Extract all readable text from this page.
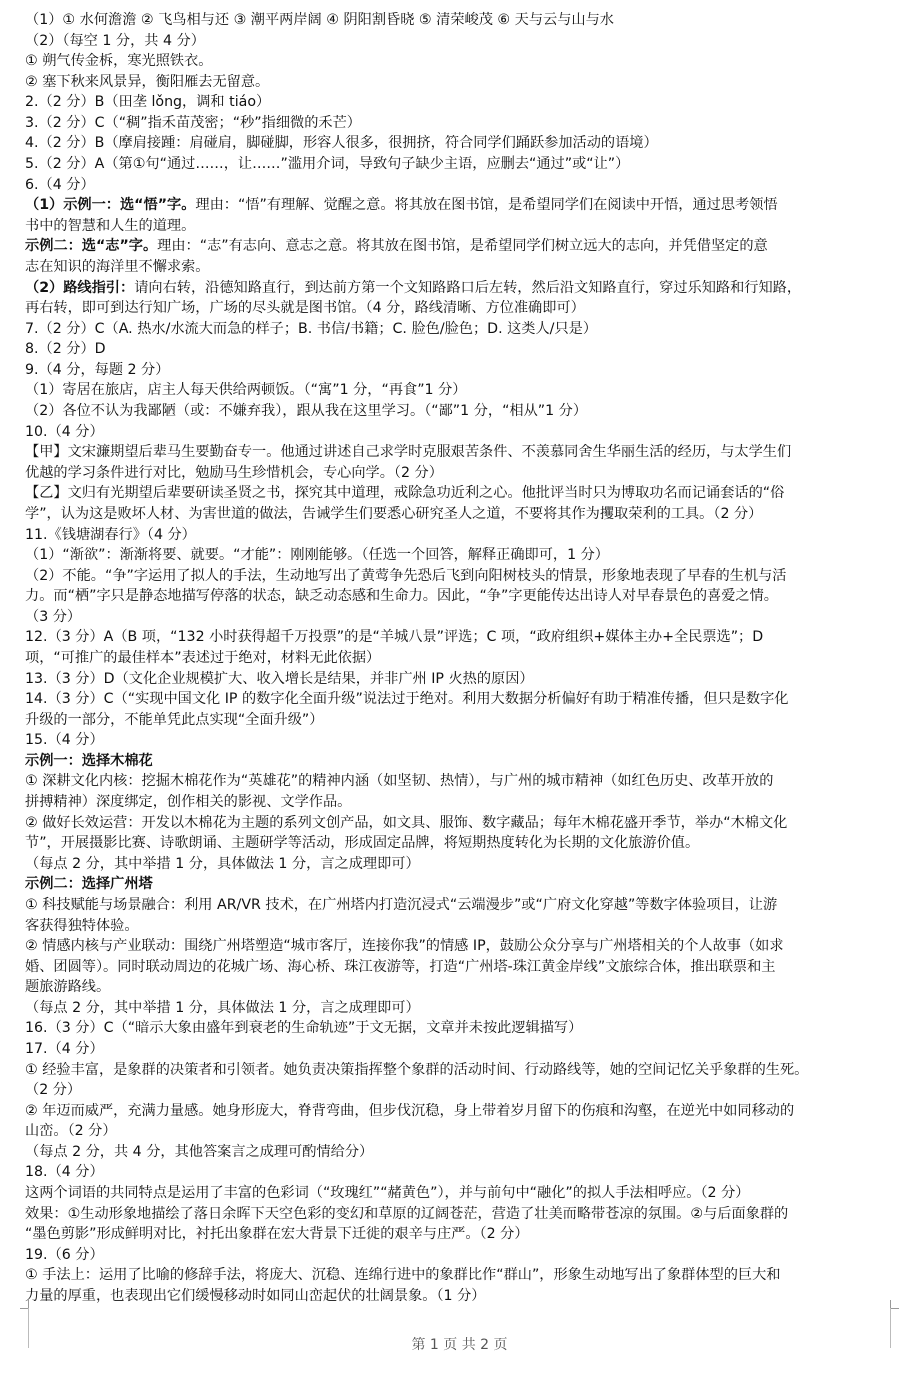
（1）① 水何澹澹 ② 飞鸟相与还 ③ 潮平两岸阔 ④ 阴阳割昏晓 ⑤ 清荣峻茂 ⑥ 天与云与山与水
（2）（每空 1 分，共 4 分）
① 朔气传金柝，寒光照铁衣。
② 塞下秋来风景异，衡阳雁去无留意。
2.（2 分）B（田垄 lǒng，调和 tiáo）
3.（2 分）C（“稠”指禾苗茂密；“秒”指细微的禾芒）
4.（2 分）B（摩肩接踵：肩碰肩，脚碰脚，形容人很多，很拥挤，符合同学们踊跃参加活动的语境）
5.（2 分）A（第①句“通过……，让……”滥用介词，导致句子缺少主语，应删去“通过”或“让”）
6.（4 分）
（1）示例一：选“悟”字。理由：“悟”有理解、觉醒之意。将其放在图书馆，是希望同学们在阅读中开悟，通过思考领悟
书中的智慧和人生的道理。
示例二：选“志”字。理由：“志”有志向、意志之意。将其放在图书馆，是希望同学们树立远大的志向，并凭借坚定的意
志在知识的海洋里不懈求索。
（2）路线指引：请向右转，沿德知路直行，到达前方第一个文知路路口后左转，然后沿文知路直行，穿过乐知路和行知路，
再右转，即可到达行知广场，广场的尽头就是图书馆。（4 分，路线清晰、方位准确即可）
7.（2 分）C（A. 热水/水流大而急的样子；B. 书信/书籍；C. 脸色/脸色；D. 这类人/只是）
8.（2 分）D
9.（4 分，每题 2 分）
（1）寄居在旅店，店主人每天供给两顿饭。（“寓”1 分，“再食”1 分）
（2）各位不认为我鄙陋（或：不嫌弃我），跟从我在这里学习。（“鄙”1 分，“相从”1 分）
10.（4 分）
【甲】文宋濂期望后辈马生要勤奋专一。他通过讲述自己求学时克服艰苦条件、不羡慕同舍生华丽生活的经历，与太学生们
优越的学习条件进行对比，勉励马生珍惜机会，专心向学。（2 分）
【乙】文归有光期望后辈要研读圣贤之书，探究其中道理，戒除急功近利之心。他批评当时只为博取功名而记诵套话的“俗
学”，认为这是败坏人材、为害世道的做法，告诫学生们要悉心研究圣人之道，不要将其作为攫取荣利的工具。（2 分）
11.《钱塘湖春行》（4 分）
（1）“渐欲”：渐渐将要、就要。“才能”：刚刚能够。（任选一个回答，解释正确即可，1 分）
（2）不能。“争”字运用了拟人的手法，生动地写出了黄莺争先恐后飞到向阳树枝头的情景，形象地表现了早春的生机与活
力。而“栖”字只是静态地描写停落的状态，缺乏动态感和生命力。因此，“争”字更能传达出诗人对早春景色的喜爱之情。
（3 分）
12.（3 分）A（B 项，“132 小时获得超千万投票”的是“羊城八景”评选；C 项，“政府组织+媒体主办+全民票选”；D
项，“可推广的最佳样本”表述过于绝对，材料无此依据）
13.（3 分）D（文化企业规模扩大、收入增长是结果，并非广州 IP 火热的原因）
14.（3 分）C（“实现中国文化 IP 的数字化全面升级”说法过于绝对。利用大数据分析偏好有助于精准传播，但只是数字化
升级的一部分，不能单凭此点实现“全面升级”）
15.（4 分）
示例一：选择木棉花
① 深耕文化内核：挖掘木棉花作为“英雄花”的精神内涵（如坚韧、热情），与广州的城市精神（如红色历史、改革开放的
拼搏精神）深度绑定，创作相关的影视、文学作品。
② 做好长效运营：开发以木棉花为主题的系列文创产品，如文具、服饰、数字藏品；每年木棉花盛开季节，举办“木棉文化
节”，开展摄影比赛、诗歌朗诵、主题研学等活动，形成固定品牌，将短期热度转化为长期的文化旅游价值。
（每点 2 分，其中举措 1 分，具体做法 1 分，言之成理即可）
示例二：选择广州塔
① 科技赋能与场景融合：利用 AR/VR 技术，在广州塔内打造沉浸式“云端漫步”或“广府文化穿越”等数字体验项目，让游
客获得独特体验。
② 情感内核与产业联动：围绕广州塔塑造“城市客厅，连接你我”的情感 IP，鼓励公众分享与广州塔相关的个人故事（如求
婚、团圆等）。同时联动周边的花城广场、海心桥、珠江夜游等，打造“广州塔-珠江黄金岸线”文旅综合体，推出联票和主
题旅游路线。
（每点 2 分，其中举措 1 分，具体做法 1 分，言之成理即可）
16.（3 分）C（“暗示大象由盛年到衰老的生命轨迹”于文无据，文章并未按此逻辑描写）
17.（4 分）
① 经验丰富，是象群的决策者和引领者。她负责决策指挥整个象群的活动时间、行动路线等，她的空间记忆关乎象群的生死。
（2 分）
② 年迈而威严，充满力量感。她身形庞大，脊背弯曲，但步伐沉稳，身上带着岁月留下的伤痕和沟壑，在逆光中如同移动的
山峦。（2 分）
（每点 2 分，共 4 分，其他答案言之成理可酌情给分）
18.（4 分）
这两个词语的共同特点是运用了丰富的色彩词（“玫瑰红”“赭黄色”），并与前句中“融化”的拟人手法相呼应。（2 分）
效果：①生动形象地描绘了落日余晖下天空色彩的变幻和草原的辽阔苍茫，营造了壮美而略带苍凉的氛围。②与后面象群的
“墨色剪影”形成鲜明对比，衬托出象群在宏大背景下迁徙的艰辛与庄严。（2 分）
19.（6 分）
① 手法上：运用了比喻的修辞手法，将庞大、沉稳、连绵行进中的象群比作“群山”，形象生动地写出了象群体型的巨大和
力量的厚重，也表现出它们缓慢移动时如同山峦起伏的壮阔景象。（1 分）
第 1 页 共 2 页
